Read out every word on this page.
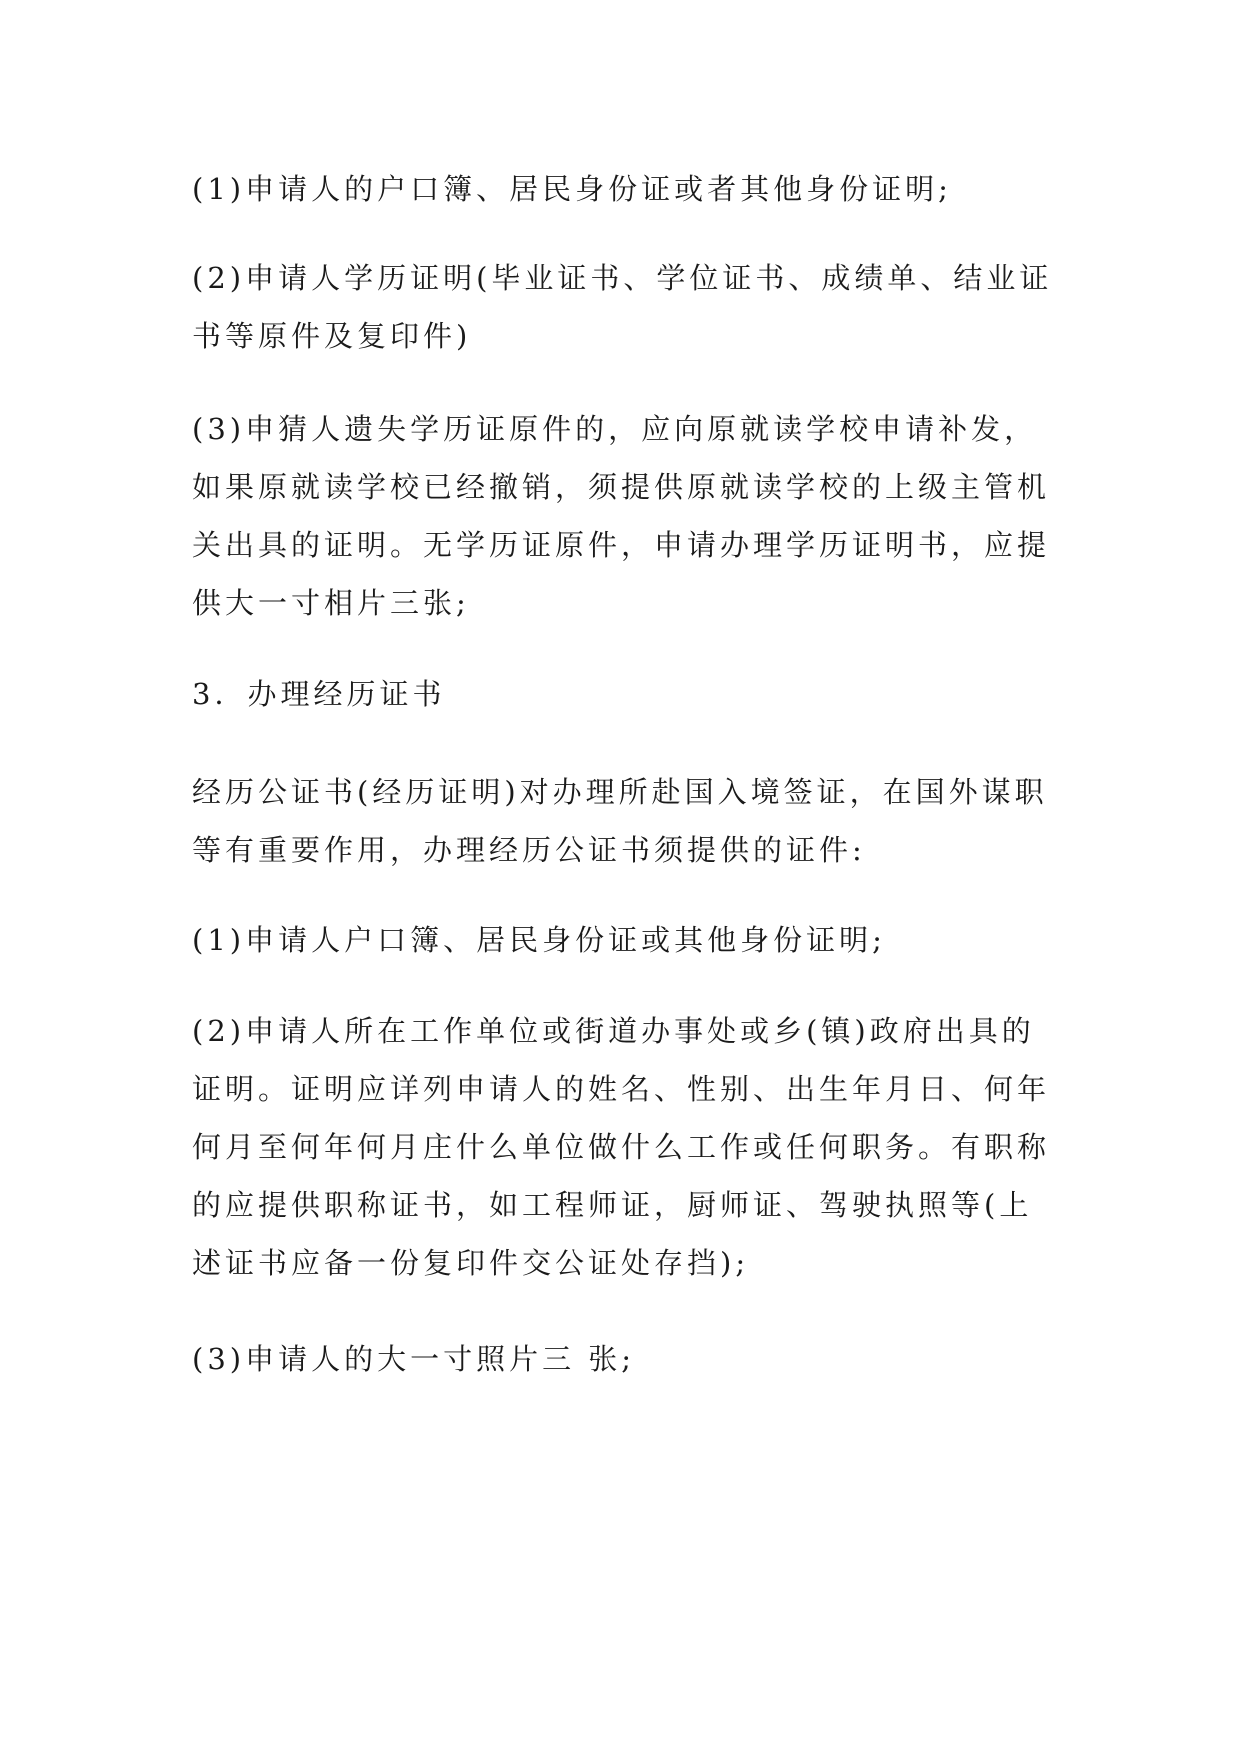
(1)申请人的户口簿、居民身份证或者其他身份证明;

(2)申请人学历证明(毕业证书、学位证书、成绩单、结业证
书等原件及复印件)

(3)申猜人遗失学历证原件的，应向原就读学校申请补发，
如果原就读学校已经撤销，须提供原就读学校的上级主管机
关出具的证明。无学历证原件，申请办理学历证明书，应提
供大一寸相片三张;

3．办理经历证书

经历公证书(经历证明)对办理所赴国入境签证，在国外谋职
等有重要作用，办理经历公证书须提供的证件:

(1)申请人户口簿、居民身份证或其他身份证明;

(2)申请人所在工作单位或街道办事处或乡(镇)政府出具的
证明。证明应详列申请人的姓名、性别、出生年月日、何年
何月至何年何月庄什么单位做什么工作或任何职务。有职称
的应提供职称证书，如工程师证，厨师证、驾驶执照等(上
述证书应备一份复印件交公证处存挡);

(3)申请人的大一寸照片三 张;
